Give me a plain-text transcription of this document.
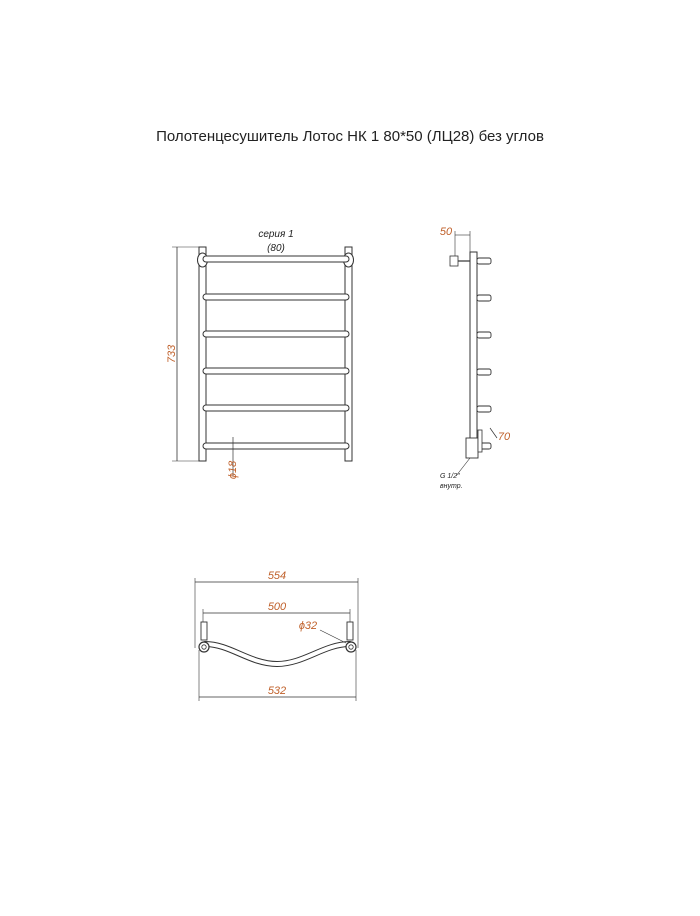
Полотенцесушитель Лотос НК 1 80*50 (ЛЦ28) без углов
733
серия 1
(80)
ϕ18
50
70
G 1/2"
внутр.
554
500
ϕ32
532
